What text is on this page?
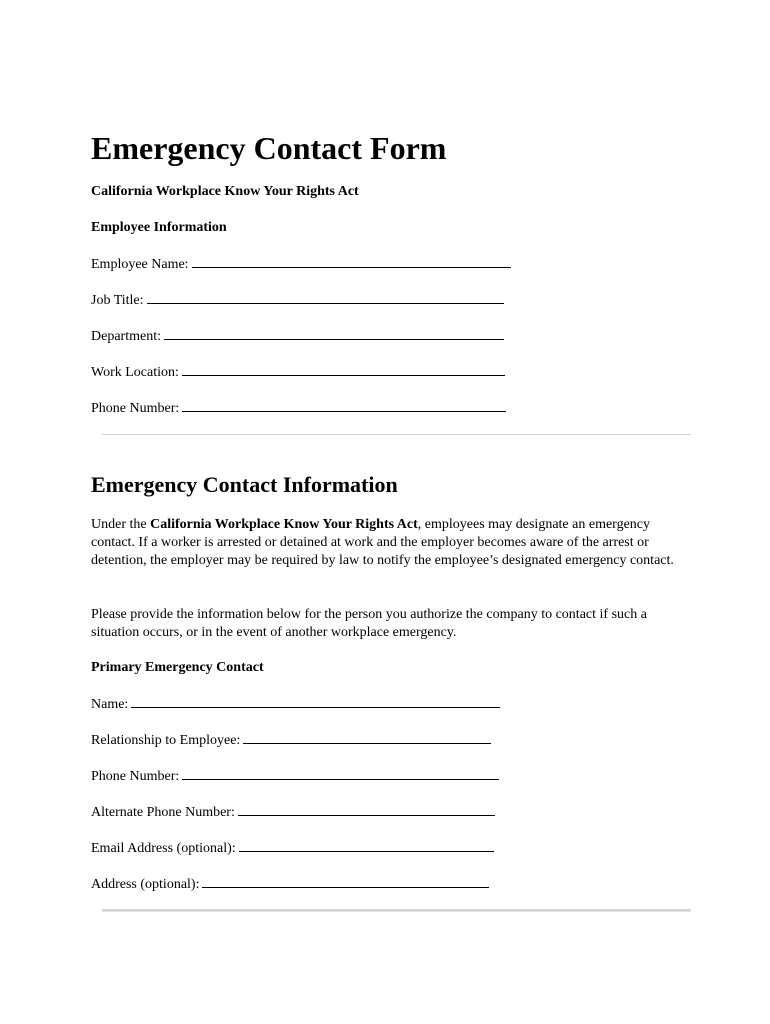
Emergency Contact Form
California Workplace Know Your Rights Act
Employee Information
Employee Name:
Job Title:
Department:
Work Location:
Phone Number:
Emergency Contact Information

Under the California Workplace Know Your Rights Act, employees may designate an emergency contact. If a worker is arrested or detained at work and the employer becomes aware of the arrest or detention, the employer may be required by law to notify the employee’s designated emergency contact.

Please provide the information below for the person you authorize the company to contact if such a situation occurs, or in the event of another workplace emergency.

Primary Emergency Contact
Name:
Relationship to Employee:
Phone Number:
Alternate Phone Number:
Email Address (optional):
Address (optional):
